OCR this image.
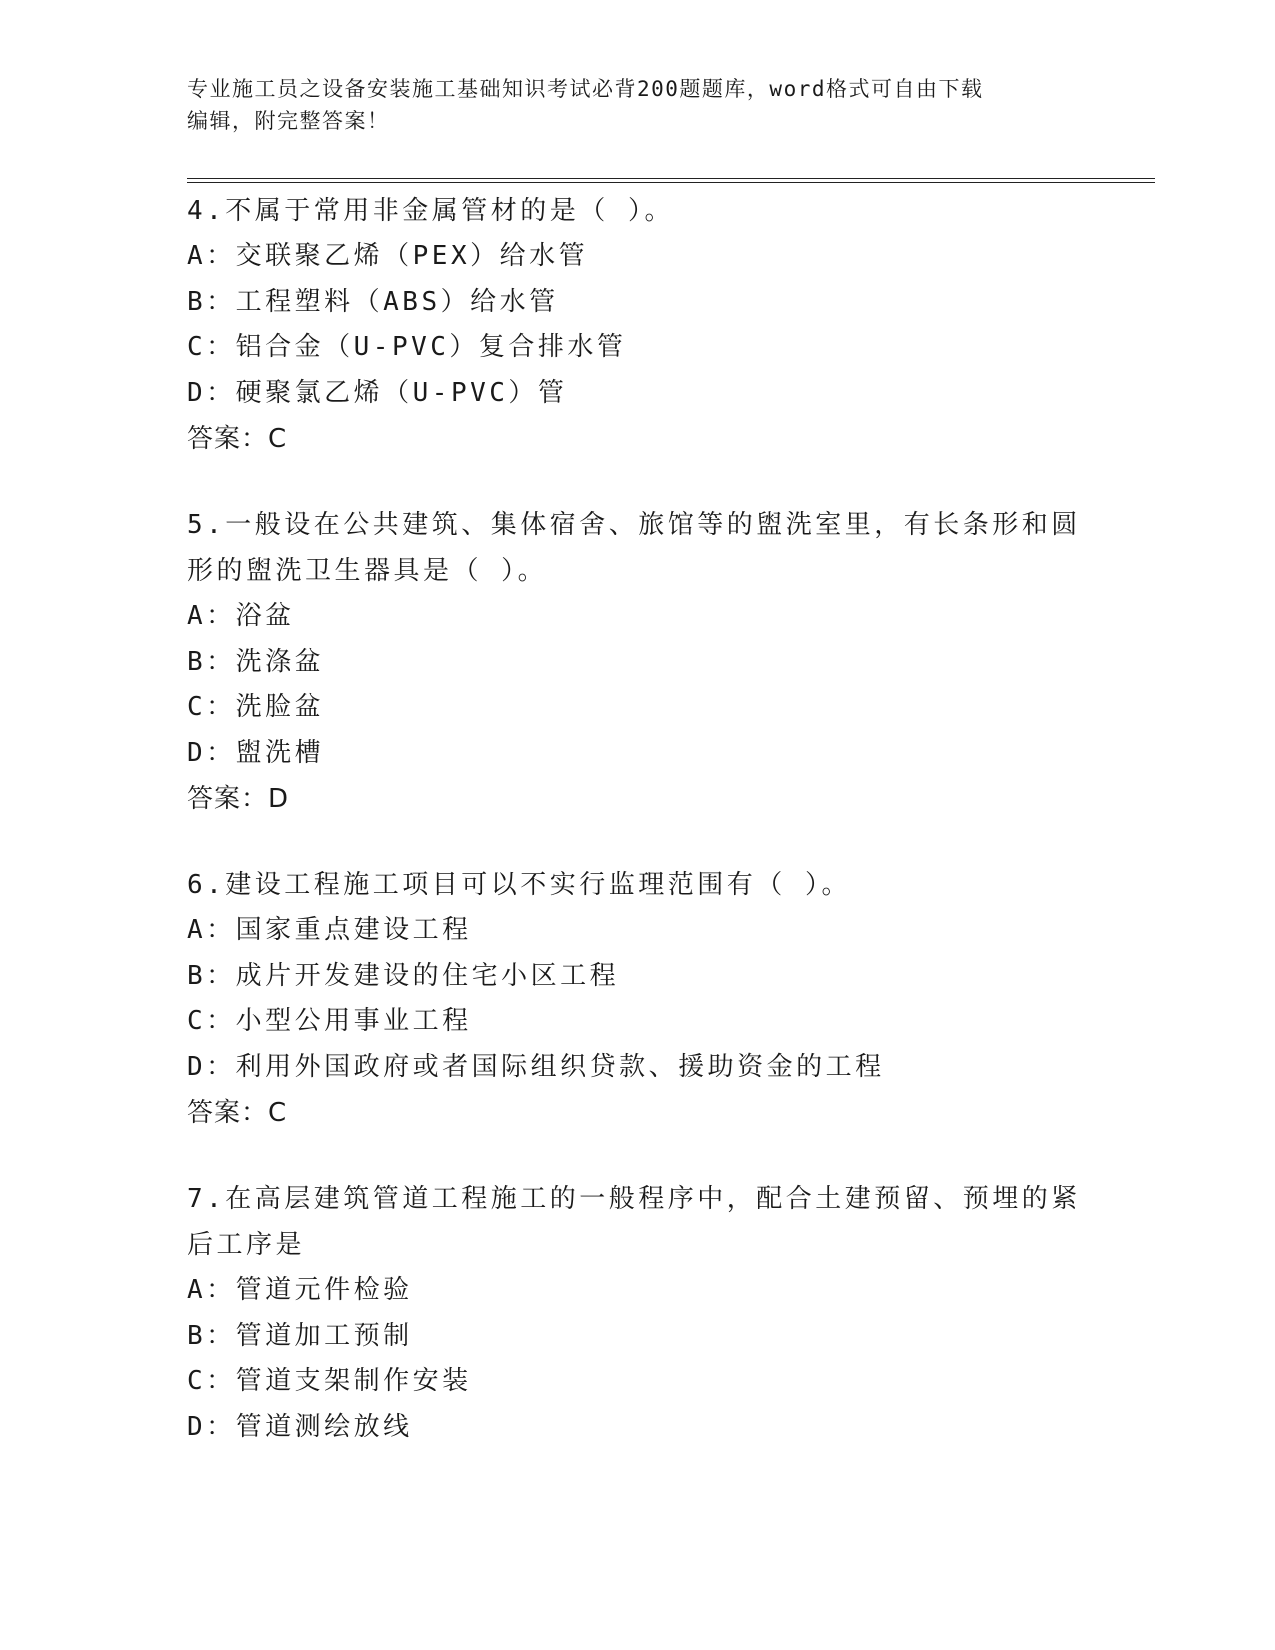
专业施工员之设备安装施工基础知识考试必背200题题库，word格式可自由下载
编辑，附完整答案！

4.不属于常用非金属管材的是（ ）。

A：交联聚乙烯（PEX）给水管

B：工程塑料（ABS）给水管

C：铝合金（U-PVC）复合排水管

D：硬聚氯乙烯（U-PVC）管

答案：C

5.一般设在公共建筑、集体宿舍、旅馆等的盥洗室里，有长条形和圆形的盥洗卫生器具是（ ）。

A：浴盆

B：洗涤盆

C：洗脸盆

D：盥洗槽

答案：D

6.建设工程施工项目可以不实行监理范围有（ ）。

A：国家重点建设工程

B：成片开发建设的住宅小区工程

C：小型公用事业工程

D：利用外国政府或者国际组织贷款、援助资金的工程

答案：C

7.在高层建筑管道工程施工的一般程序中，配合土建预留、预埋的紧后工序是

A：管道元件检验

B：管道加工预制

C：管道支架制作安装

D：管道测绘放线
